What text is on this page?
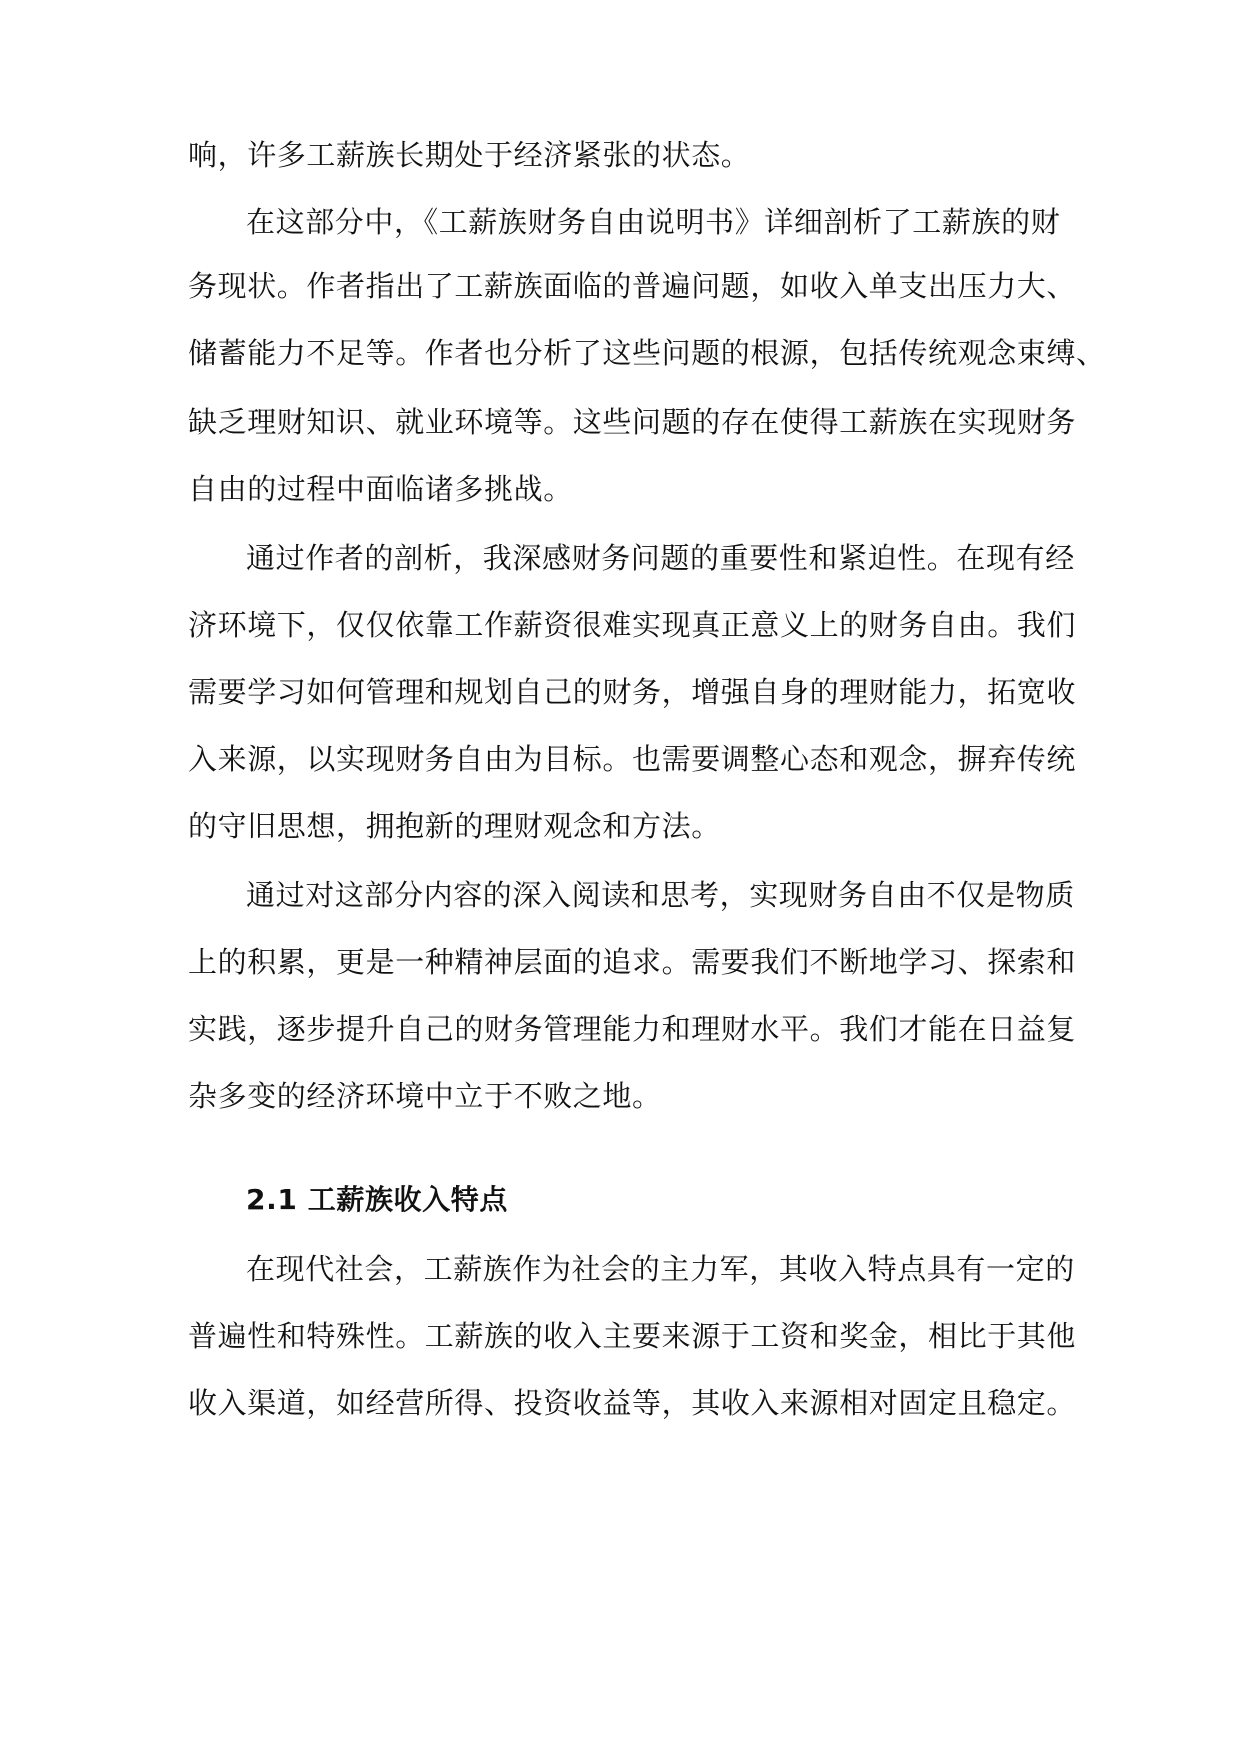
响，许多工薪族长期处于经济紧张的状态。
在这部分中，《工薪族财务自由说明书》详细剖析了工薪族的财
务现状。作者指出了工薪族面临的普遍问题，如收入单支出压力大、
储蓄能力不足等。作者也分析了这些问题的根源，包括传统观念束缚、
缺乏理财知识、就业环境等。这些问题的存在使得工薪族在实现财务
自由的过程中面临诸多挑战。
通过作者的剖析，我深感财务问题的重要性和紧迫性。在现有经
济环境下，仅仅依靠工作薪资很难实现真正意义上的财务自由。我们
需要学习如何管理和规划自己的财务，增强自身的理财能力，拓宽收
入来源，以实现财务自由为目标。也需要调整心态和观念，摒弃传统
的守旧思想，拥抱新的理财观念和方法。
通过对这部分内容的深入阅读和思考，实现财务自由不仅是物质
上的积累，更是一种精神层面的追求。需要我们不断地学习、探索和
实践，逐步提升自己的财务管理能力和理财水平。我们才能在日益复
杂多变的经济环境中立于不败之地。
2.1 工薪族收入特点
在现代社会，工薪族作为社会的主力军，其收入特点具有一定的
普遍性和特殊性。工薪族的收入主要来源于工资和奖金，相比于其他
收入渠道，如经营所得、投资收益等，其收入来源相对固定且稳定。
